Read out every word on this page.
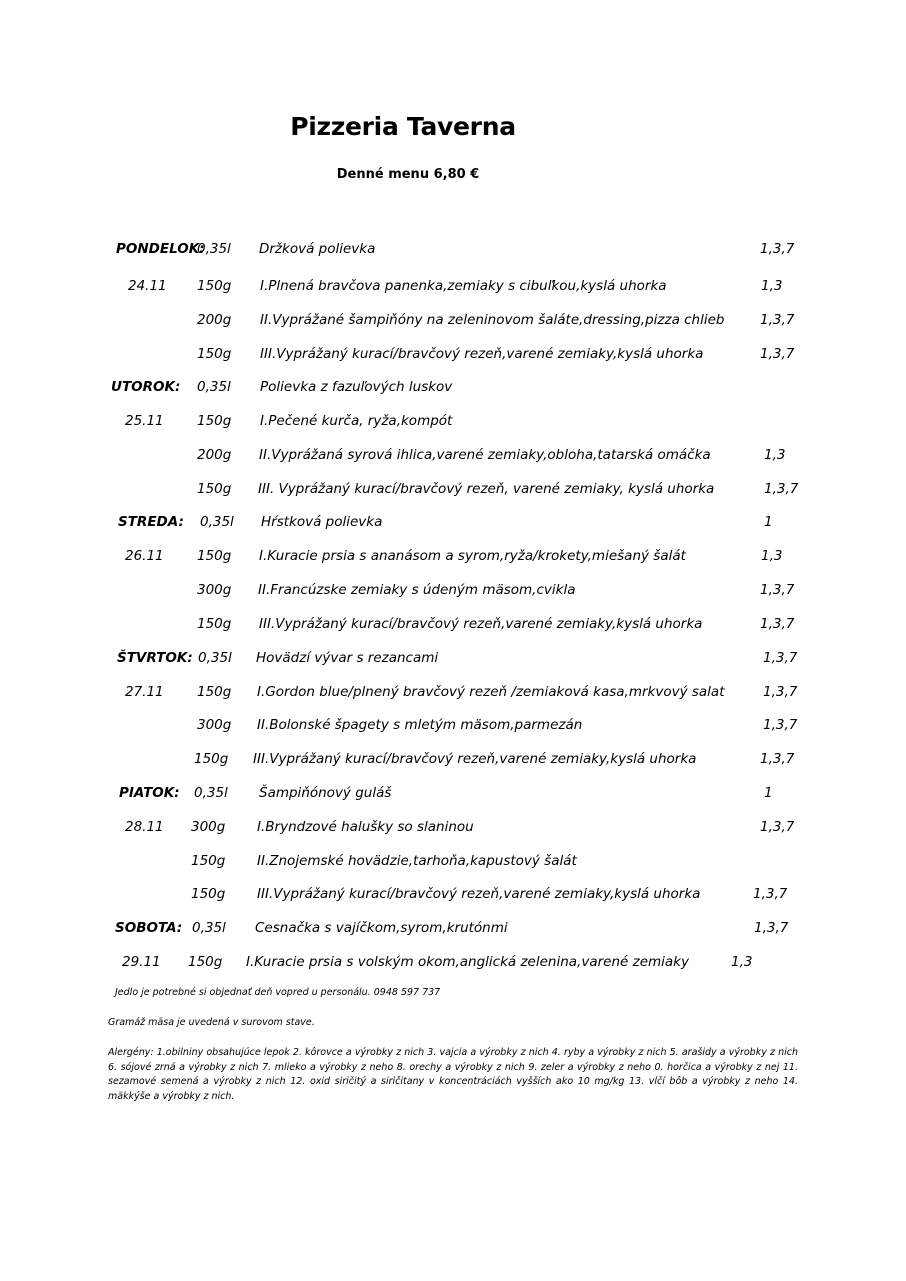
Pizzeria Taverna
Denné menu 6,80 €
PONDELOK:
0,35l Držková polievka	1,3,7
24.11 150g I.Plnená bravčova panenka,zemiaky s cibuľkou,kyslá uhorka	1,3
200g II.Vyprážané šampiňóny na zeleninovom šaláte,dressing,pizza chlieb	1,3,7
150g III.Vyprážaný kurací/bravčový rezeň,varené zemiaky,kyslá uhorka	1,3,7
UTOROK: 0,35l Polievka z fazuľových luskov
25.11 150g I.Pečené kurča, ryža,kompót
200g II.Vyprážaná syrová ihlica,varené zemiaky,obloha,tatarská omáčka	1,3
150g III. Vyprážaný kurací/bravčový rezeň, varené zemiaky, kyslá uhorka	1,3,7
STREDA: 0,35l Hŕstková polievka	1
26.11 150g I.Kuracie prsia s ananásom a syrom,ryža/krokety,miešaný šalát	1,3
300g II.Francúzske zemiaky s údeným mäsom,cvikla	1,3,7
150g III.Vyprážaný kurací/bravčový rezeň,varené zemiaky,kyslá uhorka	1,3,7
ŠTVRTOK: 0,35l Hovädzí vývar s rezancami	1,3,7
27.11 150g I.Gordon blue/plnený bravčový rezeň /zemiaková kasa,mrkvový salat	1,3,7
300g II.Bolonské špagety s mletým mäsom,parmezán	1,3,7
150g III.Vyprážaný kurací/bravčový rezeň,varené zemiaky,kyslá uhorka	1,3,7
PIATOK: 0,35l Šampiňónový guláš	1
28.11 300g I.Bryndzové halušky so slaninou	1,3,7
150g II.Znojemské hovädzie,tarhoňa,kapustový šalát
150g III.Vyprážaný kurací/bravčový rezeň,varené zemiaky,kyslá uhorka	1,3,7
SOBOTA: 0,35l Cesnačka s vajíčkom,syrom,krutónmi	1,3,7
29.11 150g I.Kuracie prsia s volským okom,anglická zelenina,varené zemiaky	1,3
Jedlo je potrebné si objednať deň vopred u personálu. 0948 597 737
Gramáž mäsa je uvedená v surovom stave.
Alergény: 1.obilniny obsahujúce lepok 2. kôrovce a výrobky z nich 3. vajcia a výrobky z nich 4. ryby a výrobky z nich 5. arašidy a výrobky z nich 6. sójové zrná a výrobky z nich 7. mlieko a výrobky z neho 8. orechy a výrobky z nich 9. zeler a výrobky z neho 0. horčica a výrobky z nej 11. sezamové semená a výrobky z nich 12. oxid siričitý a siričitany v koncentráciách vyšších ako 10 mg/kg 13. vlčí bôb a výrobky z neho 14. mäkkýše a výrobky z nich.
